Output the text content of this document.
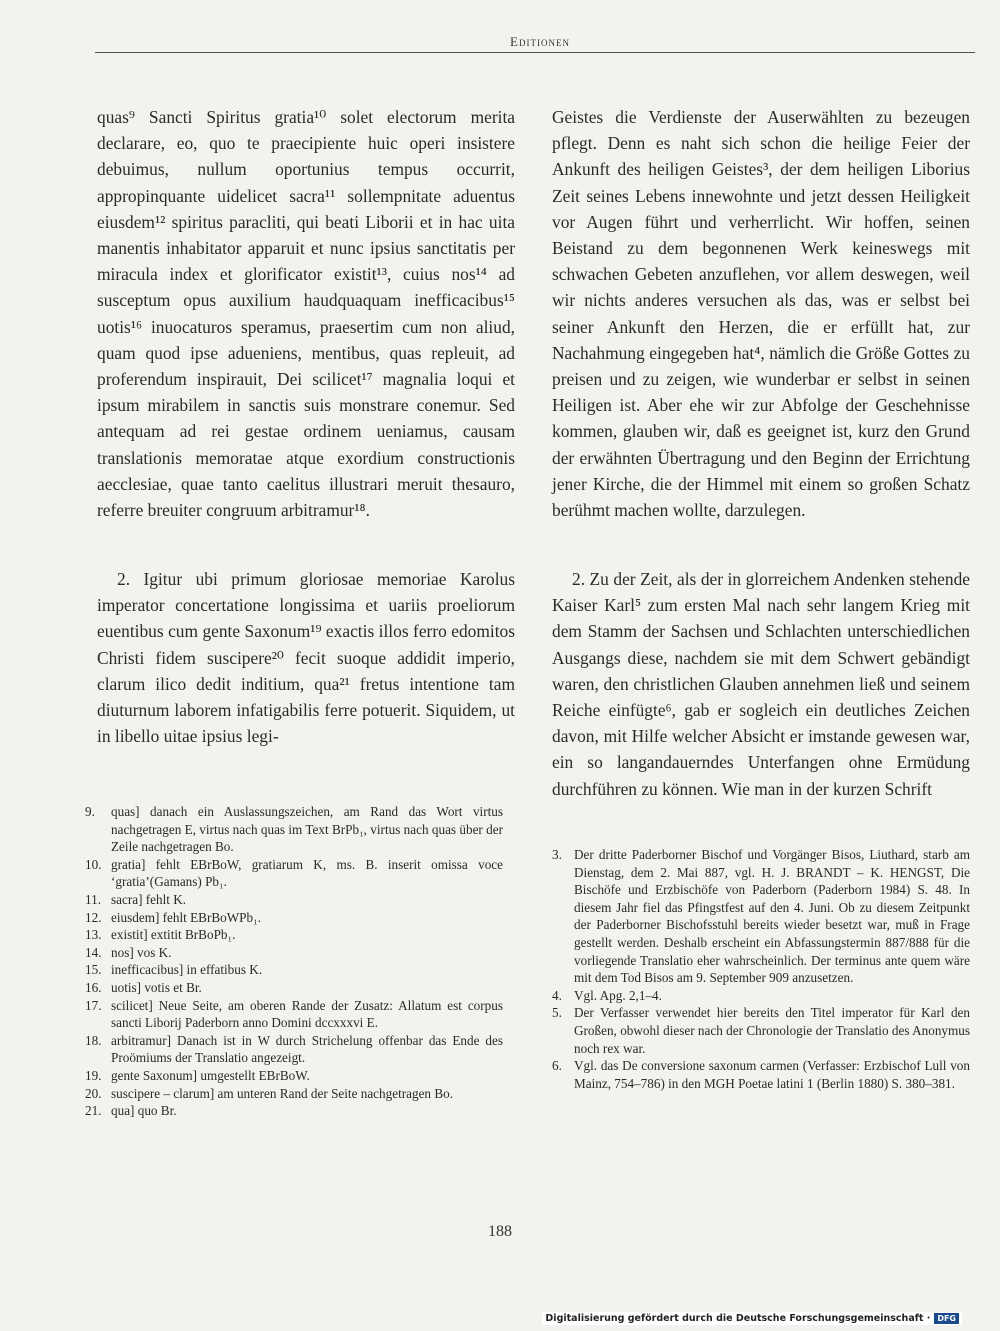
Editionen

quas⁹ Sancti Spiritus gratia¹⁰ solet electorum merita declarare, eo, quo te praecipiente huic operi insistere debuimus, nullum oportunius tempus occurrit, appropinquante uidelicet sacra¹¹ sollempnitate aduentus eiusdem¹² spiritus paracliti, qui beati Liborii et in hac uita manentis inhabitator apparuit et nunc ipsius sanctitatis per miracula index et glorificator existit¹³, cuius nos¹⁴ ad susceptum opus auxilium haudquaquam inefficacibus¹⁵ uotis¹⁶ inuocaturos speramus, praesertim cum non aliud, quam quod ipse adueniens, mentibus, quas repleuit, ad proferendum inspirauit, Dei scilicet¹⁷ magnalia loqui et ipsum mirabilem in sanctis suis monstrare conemur. Sed antequam ad rei gestae ordinem ueniamus, causam translationis memoratae atque exordium constructionis aecclesiae, quae tanto caelitus illustrari meruit thesauro, referre breuiter congruum arbitramur¹⁸.

2. Igitur ubi primum gloriosae memoriae Karolus imperator concertatione longissima et uariis proeliorum euentibus cum gente Saxonum¹⁹ exactis illos ferro edomitos Christi fidem suscipere²⁰ fecit suoque addidit imperio, clarum ilico dedit inditium, qua²¹ fretus intentione tam diuturnum laborem infatigabilis ferre potuerit. Siquidem, ut in libello uitae ipsius legi-

Geistes die Verdienste der Auserwählten zu bezeugen pflegt. Denn es naht sich schon die heilige Feier der Ankunft des heiligen Geistes³, der dem heiligen Liborius Zeit seines Lebens innewohnte und jetzt dessen Heiligkeit vor Augen führt und verherrlicht. Wir hoffen, seinen Beistand zu dem begonnenen Werk keineswegs mit schwachen Gebeten anzuflehen, vor allem deswegen, weil wir nichts anderes versuchen als das, was er selbst bei seiner Ankunft den Herzen, die er erfüllt hat, zur Nachahmung eingegeben hat⁴, nämlich die Größe Gottes zu preisen und zu zeigen, wie wunderbar er selbst in seinen Heiligen ist. Aber ehe wir zur Abfolge der Geschehnisse kommen, glauben wir, daß es geeignet ist, kurz den Grund der erwähnten Übertragung und den Beginn der Errichtung jener Kirche, die der Himmel mit einem so großen Schatz berühmt machen wollte, darzulegen.

2. Zu der Zeit, als der in glorreichem Andenken stehende Kaiser Karl⁵ zum ersten Mal nach sehr langem Krieg mit dem Stamm der Sachsen und Schlachten unterschiedlichen Ausgangs diese, nachdem sie mit dem Schwert gebändigt waren, den christlichen Glauben annehmen ließ und seinem Reiche einfügte⁶, gab er sogleich ein deutliches Zeichen davon, mit Hilfe welcher Absicht er imstande gewesen war, ein so langandauerndes Unterfangen ohne Ermüdung durchführen zu können. Wie man in der kurzen Schrift

9.	quas] danach ein Auslassungszeichen, am Rand das Wort virtus nachgetragen E, virtus nach quas im Text BrPb₁, virtus nach quas über der Zeile nachgetragen Bo.
10. gratia] fehlt EBrBoW, gratiarum K, ms. B. inserit omissa voce ‘gratia’(Gamans) Pb₁.
11. sacra] fehlt K.
12. eiusdem] fehlt EBrBoWPb₁.
13. existit] extitit BrBoPb₁.
14. nos] vos K.
15. inefficacibus] in effatibus K.
16. uotis] votis et Br.
17. scilicet] Neue Seite, am oberen Rande der Zusatz: Allatum est corpus sancti Liborij Paderborn anno Domini dccxxxvi E.
18. arbitramur] Danach ist in W durch Strichelung offenbar das Ende des Proömiums der Translatio angezeigt.
19. gente Saxonum] umgestellt EBrBoW.
20. suscipere – clarum] am unteren Rand der Seite nachgetragen Bo.
21. qua] quo Br.
3. Der dritte Paderborner Bischof und Vorgänger Bisos, Liuthard, starb am Dienstag, dem 2. Mai 887, vgl. H. J. BRANDT – K. HENGST, Die Bischöfe und Erzbischöfe von Paderborn (Paderborn 1984) S. 48. In diesem Jahr fiel das Pfingstfest auf den 4. Juni. Ob zu diesem Zeitpunkt der Paderborner Bischofsstuhl bereits wieder besetzt war, muß in Frage gestellt werden. Deshalb erscheint ein Abfassungstermin 887/888 für die vorliegende Translatio eher wahrscheinlich. Der terminus ante quem wäre mit dem Tod Bisos am 9. September 909 anzusetzen.
4. Vgl. Apg. 2,1–4.
5. Der Verfasser verwendet hier bereits den Titel imperator für Karl den Großen, obwohl dieser nach der Chronologie der Translatio des Anonymus noch rex war.
6. Vgl. das De conversione saxonum carmen (Verfasser: Erzbischof Lull von Mainz, 754–786) in den MGH Poetae latini 1 (Berlin 1880) S. 380–381.
188
Digitalisierung gefördert durch die Deutsche Forschungsgemeinschaft · DFG
